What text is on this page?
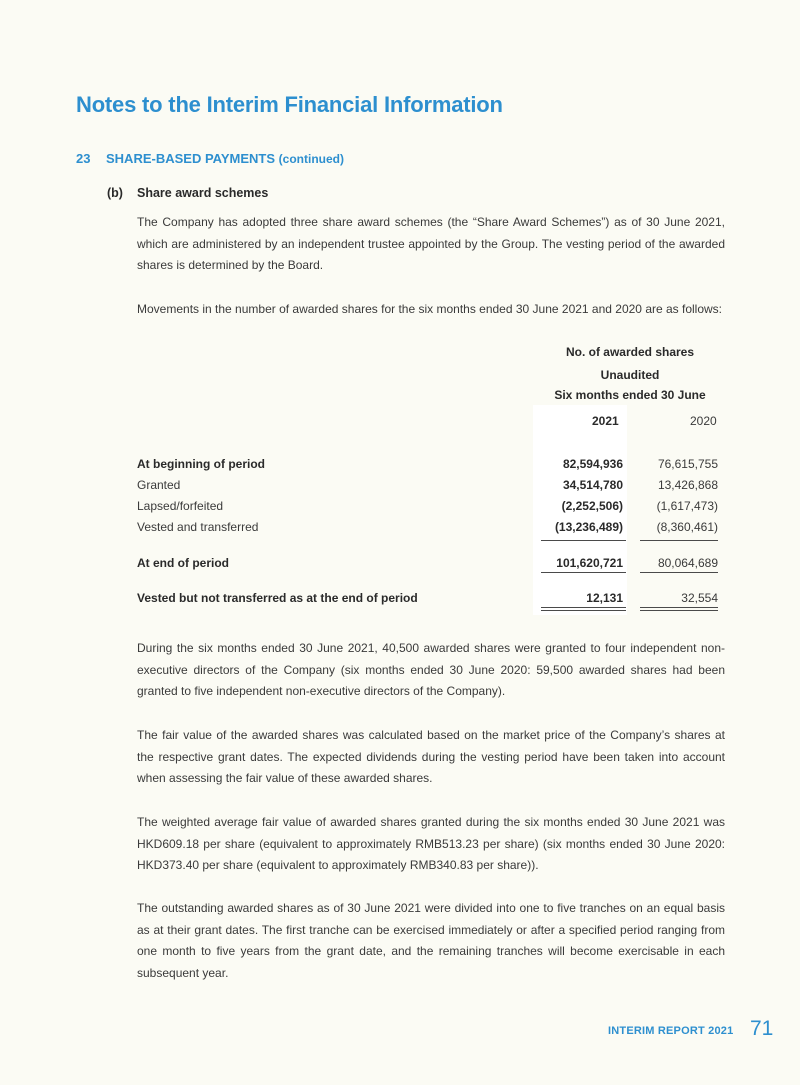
Notes to the Interim Financial Information
23 SHARE-BASED PAYMENTS (continued)
(b) Share award schemes

The Company has adopted three share award schemes (the “Share Award Schemes”) as of 30 June 2021, which are administered by an independent trustee appointed by the Group. The vesting period of the awarded shares is determined by the Board.

Movements in the number of awarded shares for the six months ended 30 June 2021 and 2020 are as follows:

No. of awarded shares
Unaudited
Six months ended 30 June
2021	2020
At beginning of period	82,594,936	76,615,755
Granted	34,514,780	13,426,868
Lapsed/forfeited	(2,252,506)	(1,617,473)
Vested and transferred	(13,236,489)	(8,360,461)
At end of period	101,620,721	80,064,689
Vested but not transferred as at the end of period	12,131	32,554

During the six months ended 30 June 2021, 40,500 awarded shares were granted to four independent non-executive directors of the Company (six months ended 30 June 2020: 59,500 awarded shares had been granted to five independent non-executive directors of the Company).

The fair value of the awarded shares was calculated based on the market price of the Company’s shares at the respective grant dates. The expected dividends during the vesting period have been taken into account when assessing the fair value of these awarded shares.

The weighted average fair value of awarded shares granted during the six months ended 30 June 2021 was HKD609.18 per share (equivalent to approximately RMB513.23 per share) (six months ended 30 June 2020: HKD373.40 per share (equivalent to approximately RMB340.83 per share)).

The outstanding awarded shares as of 30 June 2021 were divided into one to five tranches on an equal basis as at their grant dates. The first tranche can be exercised immediately or after a specified period ranging from one month to five years from the grant date, and the remaining tranches will become exercisable in each subsequent year.

INTERIM REPORT 2021 71
